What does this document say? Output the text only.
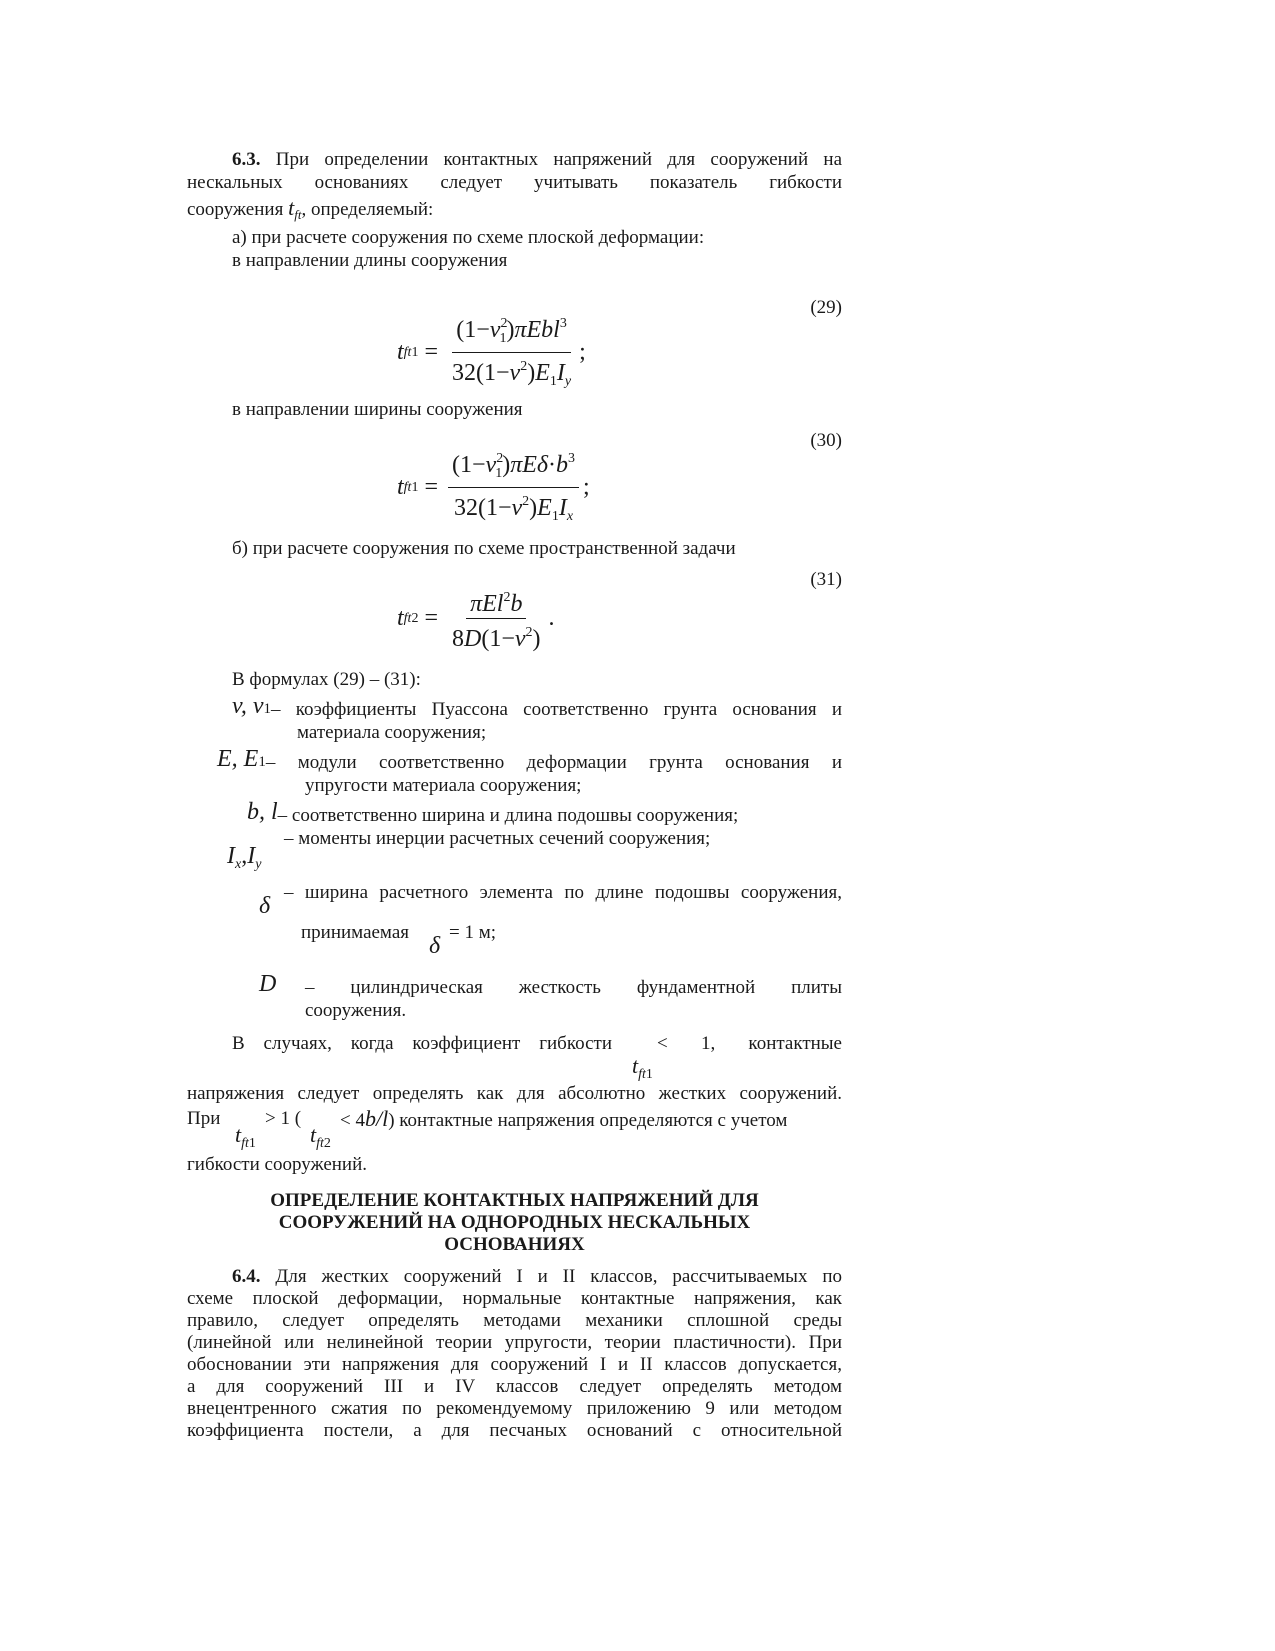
6.3. При определении контактных напряжений для сооружений на

нескальных основаниях следует учитывать показатель гибкости

сооружения $t_{ft}$, определяемый:

а) при расчете сооружения по схеме плоской деформации:

в направлении длины сооружения

(29)
t ft $1 = \frac{(1-\nu^2_1)\pi Ebl^3}{32(1-\nu^2)E_1I_y}$ ;

в направлении ширины сооружения

(30)
t ft $1 = \frac{(1-\nu^2_1)\pi E\delta\cdot b^3}{32(1-\nu^2)E_1I_x}$ ;

б) при расчете сооружения по схеме пространственной задачи

(31)
t ft $2 = \frac{\pi El^2b}{8D(1-\nu^2)}$ .

В формулах (29) – (31):

v, v1 – коэффициенты Пуассона соответственно грунта основания и

материала сооружения;

E, E1 – модули соответственно деформации грунта основания и

упругости материала сооружения;

b, l – соответственно ширина и длина подошвы сооружения;
– моменты инерции расчетных сечений сооружения;
$I_x,I_y$
– ширина расчетного элемента по длине подошвы сооружения,
δ
принимаемая
δ
= 1 м;
D	– цилиндрическая жесткость фундаментной плиты

сооружения.

В случаях, когда коэффициент гибкости
$t_{ft1}$
< 1, контактные

напряжения следует определять как для абсолютно жестких сооружений.

При
$t_{ft1}$
> 1 (
$t_{ft2}$
< 4b/l) контактные напряжения определяются с учетом

гибкости сооружений.

ОПРЕДЕЛЕНИЕ КОНТАКТНЫХ НАПРЯЖЕНИЙ ДЛЯ
СООРУЖЕНИЙ НА ОДНОРОДНЫХ НЕСКАЛЬНЫХ
ОСНОВАНИЯХ

6.4. Для жестких сооружений I и II классов, рассчитываемых по

схеме плоской деформации, нормальные контактные напряжения, как

правило, следует определять методами механики сплошной среды

(линейной или нелинейной теории упругости, теории пластичности). При

обосновании эти напряжения для сооружений I и II классов допускается,

а для сооружений III и IV классов следует определять методом

внецентренного сжатия по рекомендуемому приложению 9 или методом

коэффициента постели, а для песчаных оснований с относительной
